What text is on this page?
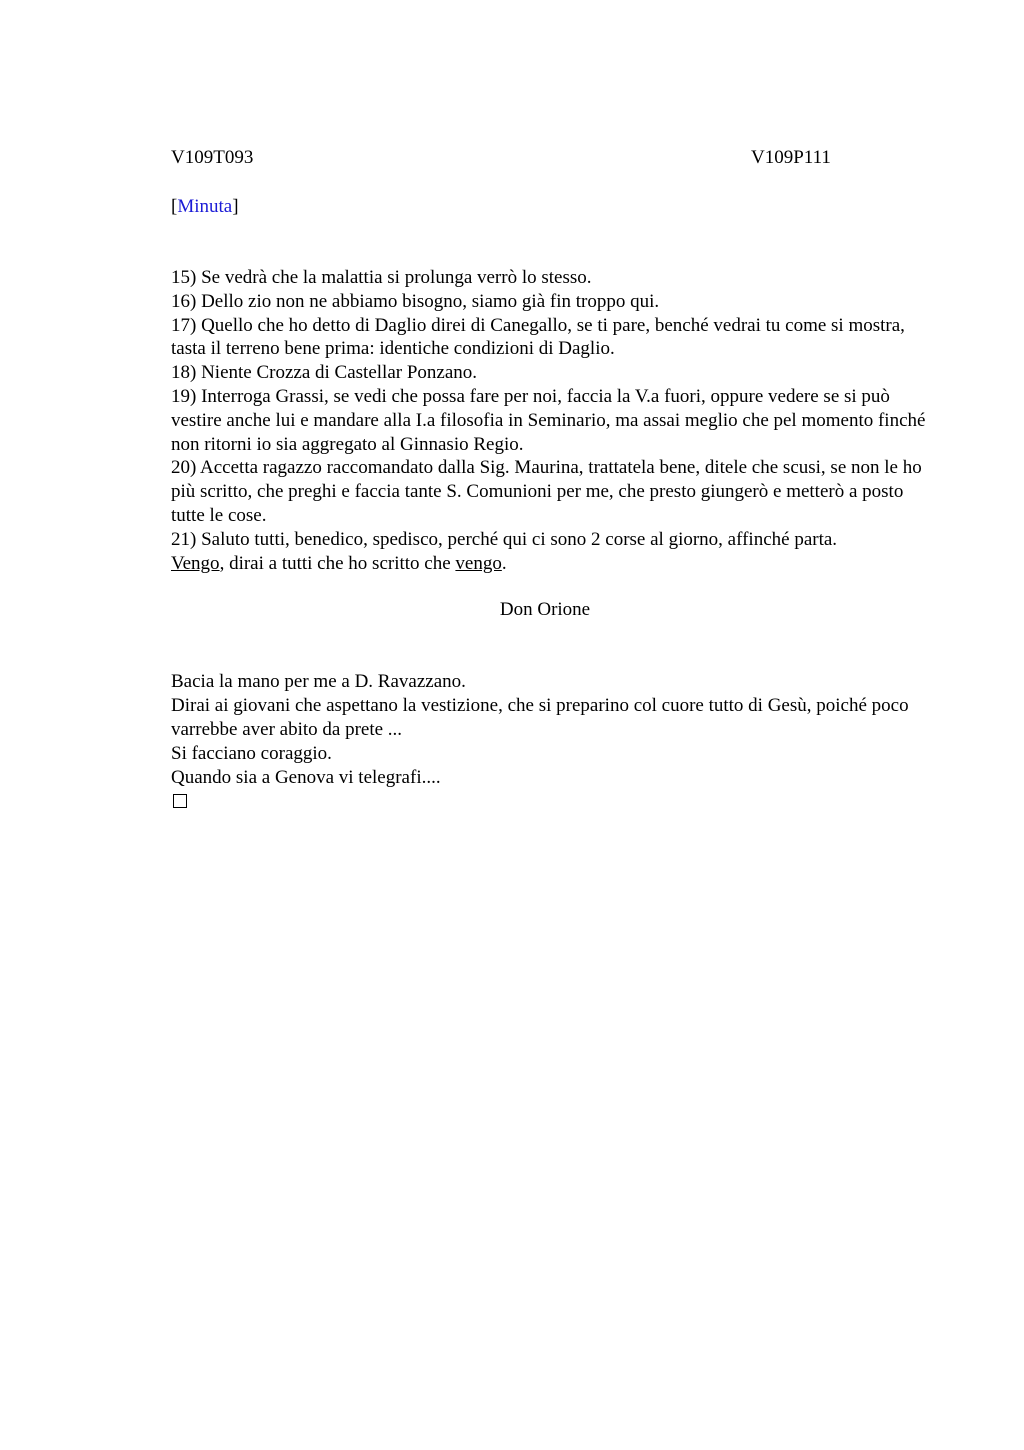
V109T093	V109P111
[Minuta]

15) Se vedrà che la malattia si prolunga verrò lo stesso.

16) Dello zio non ne abbiamo bisogno, siamo già fin troppo qui.

17) Quello che ho detto di Daglio direi di Canegallo, se ti pare, benché vedrai tu come si mostra, tasta il terreno bene prima: identiche condizioni di Daglio.

18) Niente Crozza di Castellar Ponzano.

19) Interroga Grassi, se vedi che possa fare per noi, faccia la V.a fuori, oppure vedere se si può vestire anche lui e mandare alla I.a filosofia in Seminario, ma assai meglio che pel momento finché non ritorni io sia aggregato al Ginnasio Regio.

20) Accetta ragazzo raccomandato dalla Sig. Maurina, trattatela bene, ditele che scusi, se non le ho più scritto, che preghi e faccia tante S. Comunioni per me, che presto giungerò e metterò a posto tutte le cose.

21) Saluto tutti, benedico, spedisco, perché qui ci sono 2 corse al giorno, affinché parta.

Vengo, dirai a tutti che ho scritto che vengo.

Don Orione

Bacia la mano per me a D. Ravazzano.

Dirai ai giovani che aspettano la vestizione, che si preparino col cuore tutto di Gesù, poiché poco varrebbe aver abito da prete ...

Si facciano coraggio.

Quando sia a Genova vi telegrafi....
